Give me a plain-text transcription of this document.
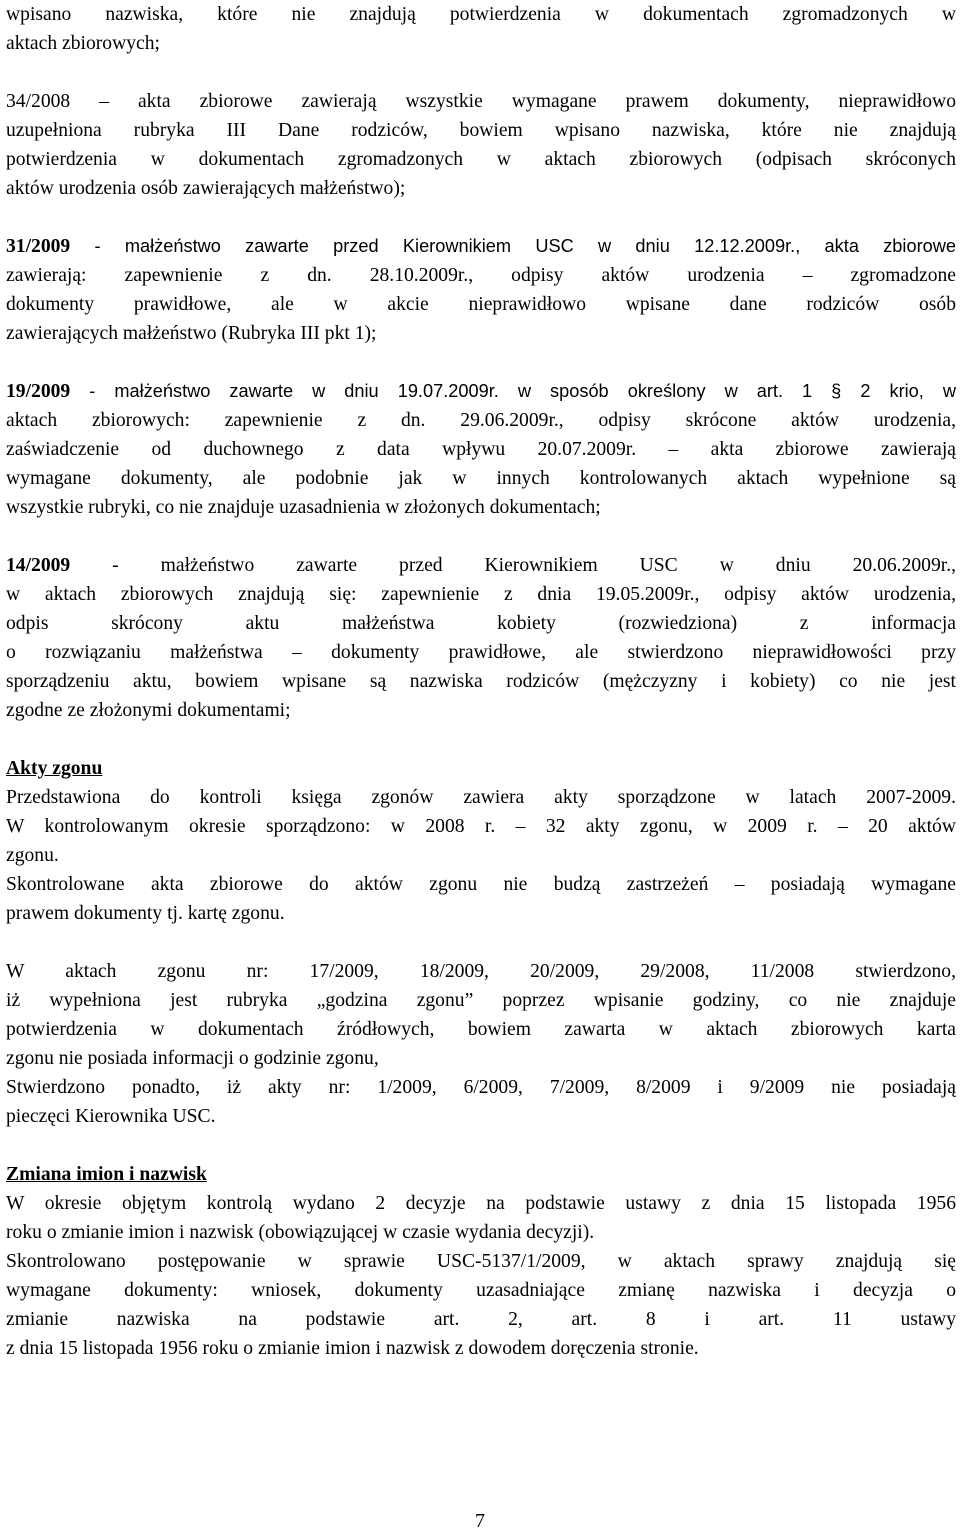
wpisano nazwiska, które nie znajdują potwierdzenia w dokumentach zgromadzonych w
aktach zbiorowych;
34/2008 – akta zbiorowe zawierają wszystkie wymagane prawem dokumenty, nieprawidłowo
uzupełniona rubryka III Dane rodziców, bowiem wpisano nazwiska, które nie znajdują
potwierdzenia w dokumentach zgromadzonych w aktach zbiorowych (odpisach skróconych
aktów urodzenia osób zawierających małżeństwo);
31/2009 - małżeństwo zawarte przed Kierownikiem USC w dniu 12.12.2009r., akta zbiorowe
zawierają: zapewnienie z dn. 28.10.2009r., odpisy aktów urodzenia – zgromadzone
dokumenty prawidłowe, ale w akcie nieprawidłowo wpisane dane rodziców osób
zawierających małżeństwo (Rubryka III pkt 1);
19/2009 - małżeństwo zawarte w dniu 19.07.2009r. w sposób określony w art. 1 § 2 krio, w
aktach zbiorowych: zapewnienie z dn. 29.06.2009r., odpisy skrócone aktów urodzenia,
zaświadczenie od duchownego z data wpływu 20.07.2009r. – akta zbiorowe zawierają
wymagane dokumenty, ale podobnie jak w innych kontrolowanych aktach wypełnione są
wszystkie rubryki, co nie znajduje uzasadnienia w złożonych dokumentach;
14/2009 - małżeństwo zawarte przed Kierownikiem USC w dniu 20.06.2009r.,
w aktach zbiorowych znajdują się: zapewnienie z dnia 19.05.2009r., odpisy aktów urodzenia,
odpis skrócony aktu małżeństwa kobiety (rozwiedziona) z informacja
o rozwiązaniu małżeństwa – dokumenty prawidłowe, ale stwierdzono nieprawidłowości przy
sporządzeniu aktu, bowiem wpisane są nazwiska rodziców (mężczyzny i kobiety) co nie jest
zgodne ze złożonymi dokumentami;
Akty zgonu
Przedstawiona do kontroli księga zgonów zawiera akty sporządzone w latach 2007-2009.
W kontrolowanym okresie sporządzono: w 2008 r. – 32 akty zgonu, w 2009 r. – 20 aktów
zgonu.
Skontrolowane akta zbiorowe do aktów zgonu nie budzą zastrzeżeń – posiadają wymagane
prawem dokumenty tj. kartę zgonu.
W aktach zgonu nr: 17/2009, 18/2009, 20/2009, 29/2008, 11/2008 stwierdzono,
iż wypełniona jest rubryka „godzina zgonu” poprzez wpisanie godziny, co nie znajduje
potwierdzenia w dokumentach źródłowych, bowiem zawarta w aktach zbiorowych karta
zgonu nie posiada informacji o godzinie zgonu,
Stwierdzono ponadto, iż akty nr: 1/2009, 6/2009, 7/2009, 8/2009 i 9/2009 nie posiadają
pieczęci Kierownika USC.
Zmiana imion i nazwisk
W okresie objętym kontrolą wydano 2 decyzje na podstawie ustawy z dnia 15 listopada 1956
roku o zmianie imion i nazwisk (obowiązującej w czasie wydania decyzji).
Skontrolowano postępowanie w sprawie USC-5137/1/2009, w aktach sprawy znajdują się
wymagane dokumenty: wniosek, dokumenty uzasadniające zmianę nazwiska i decyzja o
zmianie nazwiska na podstawie art. 2, art. 8 i art. 11 ustawy
z dnia 15 listopada 1956 roku o zmianie imion i nazwisk z dowodem doręczenia stronie.
7
